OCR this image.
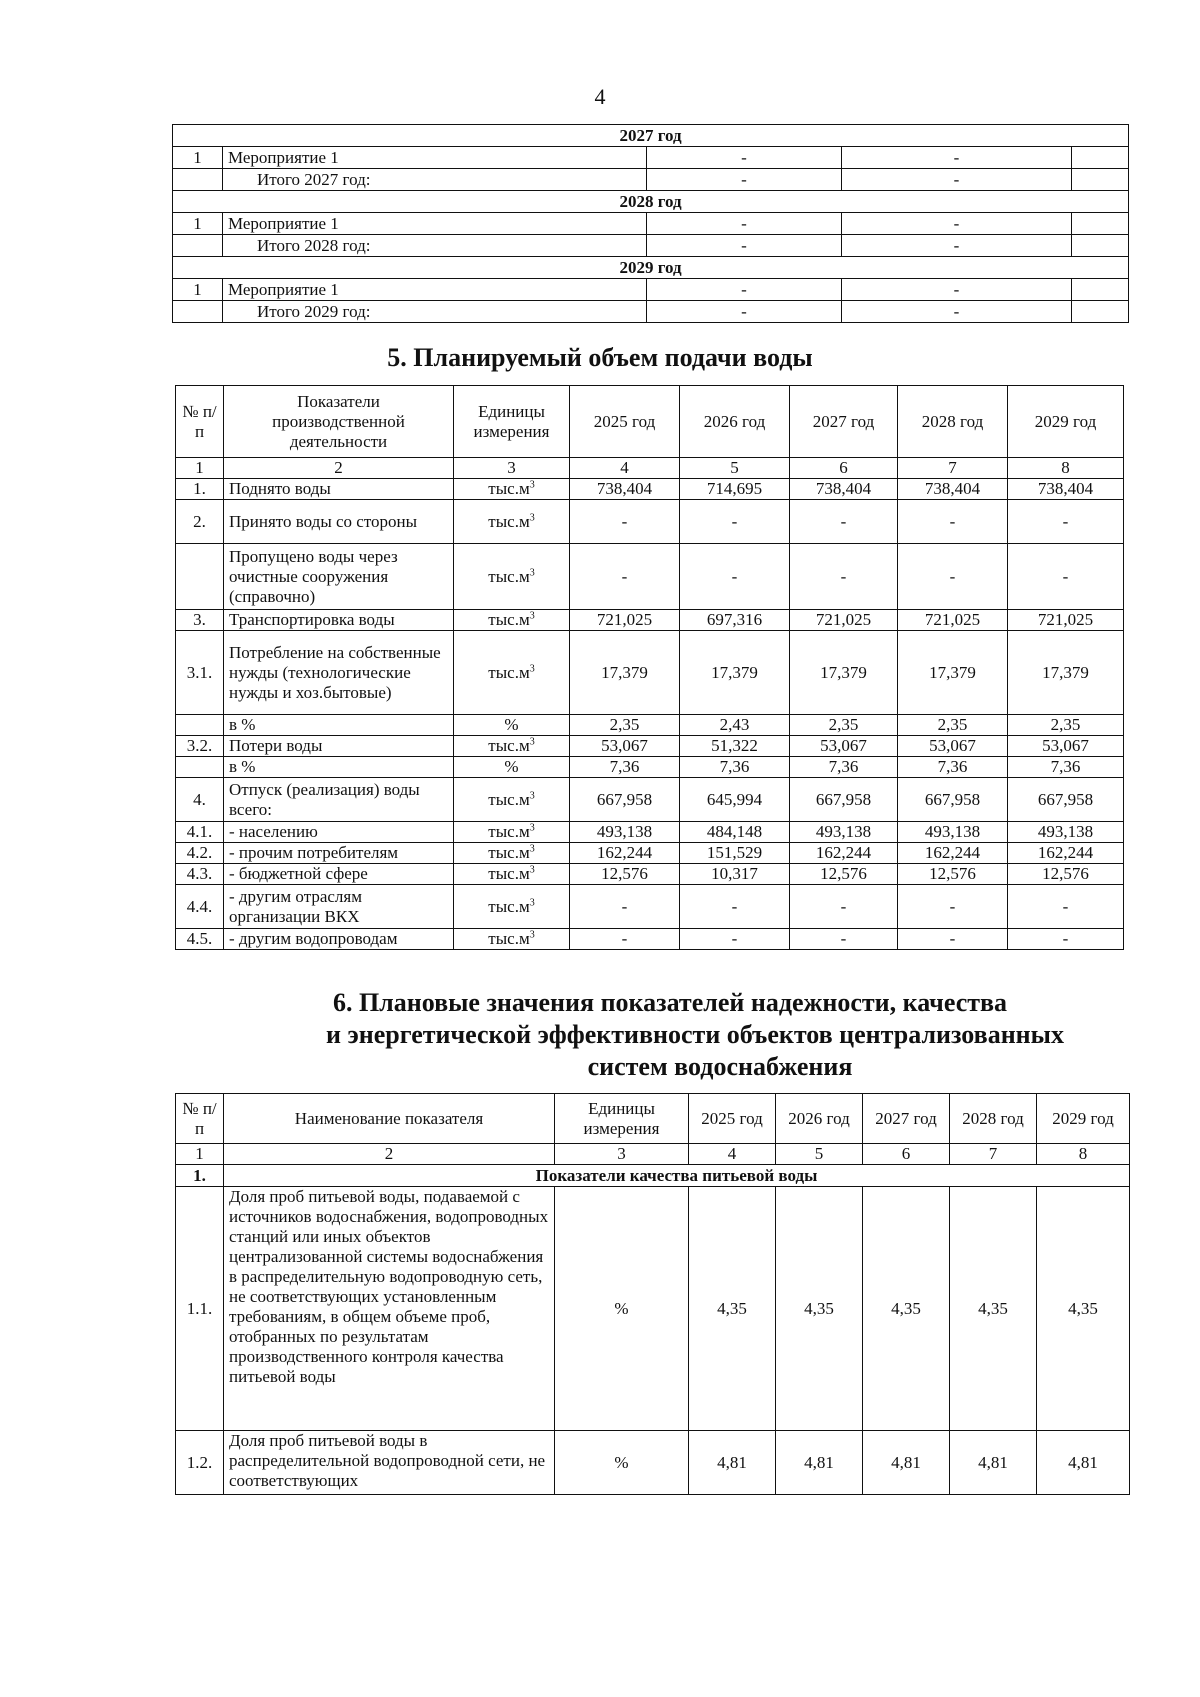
4
2027 год				
1	Мероприятие 1	-	-	
	Итого 2027 год:	-	-	
2028 год				
1	Мероприятие 1	-	-	
	Итого 2028 год:	-	-	
2029 год				
1	Мероприятие 1	-	-	
	Итого 2029 год:	-	-	
5. Планируемый объем подачи воды
№ п/п	Показатели производственной деятельности	Единицы измерения	2025 год	2026 год	2027 год	2028 год	2029 год
1	2	3	4	5	6	7	8
1.	Поднято воды	$тыс.м^3$	738,404	714,695	738,404	738,404	738,404
2.	Принято воды со стороны	$тыс.м^3$	-	-	-	-	-
	Пропущено воды через очистные сооружения (справочно)	$тыс.м^3$	-	-	-	-	-
3.	Транспортировка воды	$тыс.м^3$	721,025	697,316	721,025	721,025	721,025
3.1.	Потребление на собственные нужды (технологические нужды и хоз.бытовые)	$тыс.м^3$	17,379	17,379	17,379	17,379	17,379
	в %	%	2,35	2,43	2,35	2,35	2,35
3.2.	Потери воды	$тыс.м^3$	53,067	51,322	53,067	53,067	53,067
	в %	%	7,36	7,36	7,36	7,36	7,36
4.	Отпуск (реализация) воды всего:	$тыс.м^3$	667,958	645,994	667,958	667,958	667,958
4.1.	- населению	$тыс.м^3$	493,138	484,148	493,138	493,138	493,138
4.2.	- прочим потребителям	$тыс.м^3$	162,244	151,529	162,244	162,244	162,244
4.3.	- бюджетной сфере	$тыс.м^3$	12,576	10,317	12,576	12,576	12,576
4.4.	- другим отраслям организации ВКХ	$тыс.м^3$	-	-	-	-	-
4.5.	- другим водопроводам	$тыс.м^3$	-	-	-	-	-
6. Плановые значения показателей надежности, качества
и энергетической эффективности объектов централизованных
систем водоснабжения
№ п/п	Наименование показателя	Единицы измерения	2025 год	2026 год	2027 год	2028 год	2029 год
1	2	3	4	5	6	7	8
1.	Показатели качества питьевой воды						
1.1.	Доля проб питьевой воды, подаваемой с источников водоснабжения, водопроводных станций или иных объектов централизованной системы водоснабжения в распределительную водопроводную сеть, не соответствующих установленным требованиям, в общем объеме проб, отобранных по результатам производственного контроля качества питьевой воды	%	4,35	4,35	4,35	4,35	4,35
1.2.	Доля проб питьевой воды в распределительной водопроводной сети, не соответствующих	%	4,81	4,81	4,81	4,81	4,81
